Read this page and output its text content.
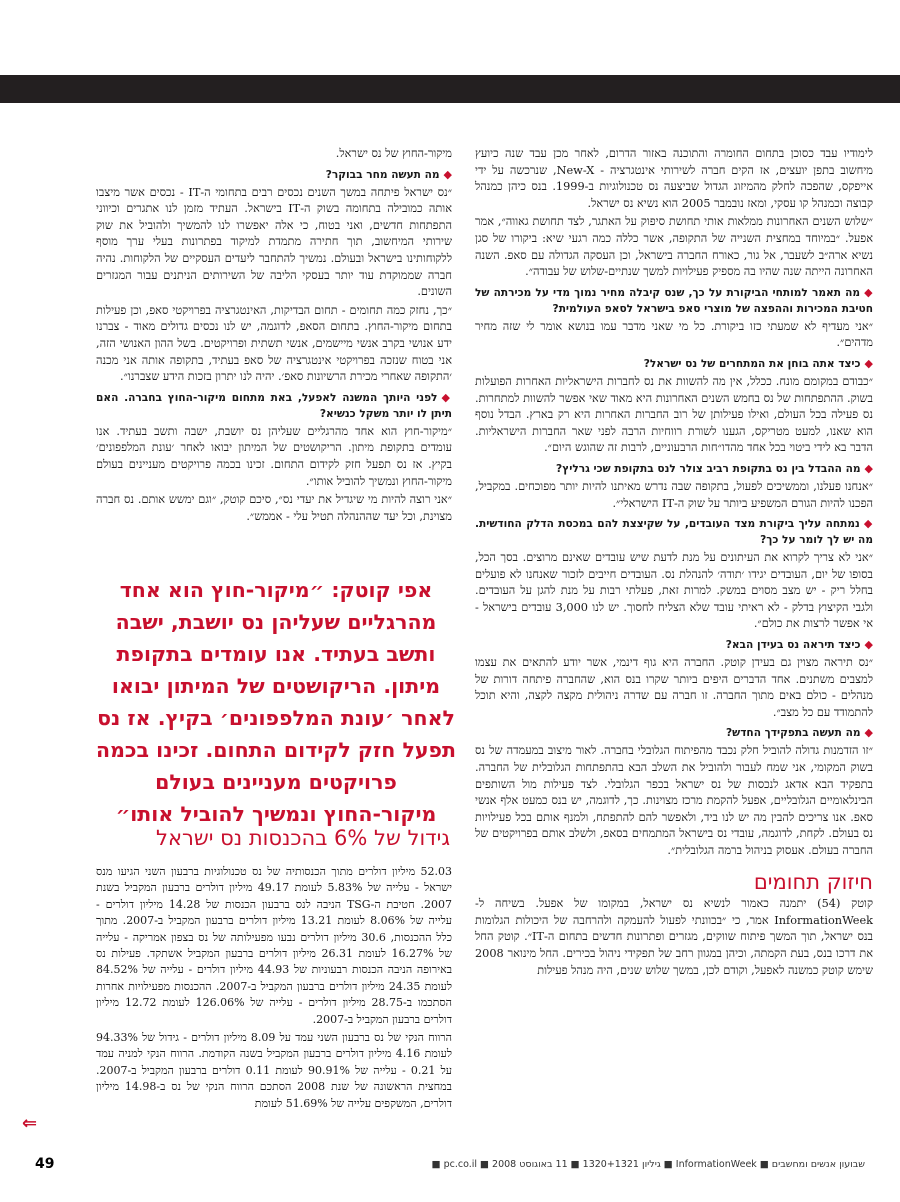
לימודיו עבד כסוכן בתחום החומרה והתוכנה באזור הדרום, לאחר מכן עבד שנה כיועץ מיחשוב בתפן יועצים, אז הקים חברה לשירותי אינטגרציה - New-X, שנרכשה על ידי אייפקס, שהפכה לחלק מהמיזוג הגדול שביצעה נס טכנולוגיות ב-1999. בנס כיהן כמנהל קבוצה וכמנהל קו עסקי, ומאז נובמבר 2005 הוא נשיא נס ישראל.
״שלוש השנים האחרונות ממלאות אותי תחושת סיפוק על האתגר, לצד תחושת גאווה״, אמר אפעל. ״במיוחד במחצית השנייה של התקופה, אשר כללה כמה רגעי שיא: ביקורו של סגן נשיא ארה״ב לשעבר, אל גור, כאורח החברה בישראל, וכן העסקה הגדולה עם סאפ. השנה האחרונה הייתה שנה שהיו בה מספיק פעילויות למשך שנתיים-שלוש של עבודה״.
◆מה תאמר למותחי הביקורת על כך, שנס קיבלה מחיר נמוך מדי על מכירתה של חטיבת המכירות וההפצה של מוצרי סאפ בישראל לסאפ העולמית?
״אני מעדיף לא שמעתי כזו ביקורת. כל מי שאני מדבר עמו בנושא אומר לי שזה מחיר מדהים״.
◆כיצד אתה בוחן את המתחרים של נס ישראל?
״כבודם במקומם מונח. ככלל, אין מה להשוות את נס לחברות הישראליות האחרות הפועלות בשוק. ההתפתחות של נס בחמש השנים האחרונות היא מאוד שאי אפשר להשוות למתחרות. נס פעילה בכל העולם, ואילו פעילותן של רוב החברות האחרות היא רק בארץ. הבדל נוסף הוא שאנו, למעט מטריקס, הגענו לשורת רווחיות הרבה לפני שאר החברות הישראליות. הדבר בא לידי ביטוי בכל אחד מהדו״חות הרבעוניים, לרבות זה שהוגש היום״.
◆מה ההבדל בין נס בתקופת רביב צולר לנס בתקופת שכי גרליץ?
״אנחנו פעלנו, וממשיכים לפעול, בתקופה שבה נדרש מאיתנו להיות יותר מפוכחים. במקביל, הפכנו להיות הגורם המשפיע ביותר על שוק ה-IT הישראלי״.
◆נמתחה עליך ביקורת מצד העובדים, על שקיצצת להם במכסת הדלק החודשית. מה יש לך לומר על כך?
״אני לא צריך לקרוא את העיתונים על מנת לדעת שיש עובדים שאינם מרוצים. בסך הכל, בסופו של יום, העובדים יגידו ׳תודה׳ להנהלת נס. העובדים חייבים לזכור שאנחנו לא פועלים בחלל ריק - יש מצב מסוים במשק. למרות זאת, פעלתי רבות על מנת להגן על העובדים. ולגבי הקיצוץ בדלק - לא ראיתי עובד שלא הצליח לחסוך. יש לנו 3,000 עובדים בישראל - אי אפשר לרצות את כולם״.
◆כיצד תיראה נס בעידן הבא?
״נס תיראה מצוין גם בעידן קוטק. החברה היא גוף דינמי, אשר יודע להתאים את עצמו למצבים משתנים. אחד הדברים היפים ביותר שקרו בנס הוא, שהחברה פיתחה דורות של מנהלים - כולם באים מתוך החברה. זו חברה עם שדרה ניהולית מקצה לקצה, והיא תוכל להתמודד עם כל מצב״.
◆מה תעשה בתפקידך החדש?
״זו הזדמנות גדולה להוביל חלק נכבד מהפיתוח הגלובלי בחברה. לאור מיצוב במעמדה של נס בשוק המקומי, אני שמח לעבור ולהוביל את השלב הבא בהתפתחות הגלובלית של החברה. בתפקיד הבא אדאג לנכסות של נס ישראל בכפר הגלובלי. לצד פעילות מול השותפים הבינלאומיים הגלובליים, אפעל להקמת מרכז מצוינות. כך, לדוגמה, יש בנס כמעט אלף אנשי סאפ. אנו צריכים להבין מה יש לנו ביד, ולאפשר להם להתפתח, ולמנף אותם בכל פעילויות נס בעולם. לקחת, לדוגמה, עובדי נס בישראל המתמחים בסאפ, ולשלב אותם בפרויקטים של החברה בעולם. אעסוק בניהול ברמה הגלובלית״.
חיזוק תחומים
קוטק (54) יתמנה כאמור לנשיא נס ישראל, במקומו של אפעל. בשיחה ל-InformationWeek אמר, כי ״בכוונתי לפעול להעמקה ולהרחבה של היכולות הגלומות בנס ישראל, תוך המשך פיתוח שווקים, מגזרים ופתרונות חדשים בתחום ה-IT״. קוטק החל את דרכו בנס, בעת הקמתה, וכיהן במגוון רחב של תפקידי ניהול בכירים. החל מינואר 2008 שימש קוטק כמשנה לאפעל, וקודם לכן, במשך שלוש שנים, היה מנהל פעילות
מיקור-החוץ של נס ישראל.
◆מה תעשה מחר בבוקר?
״נס ישראל פיתחה במשך השנים נכסים רבים בתחומי ה-IT - נכסים אשר מיצבו אותה כמובילה בתחומה בשוק ה-IT בישראל. העתיד מזמן לנו אתגרים וכיווני התפתחות חדשים, ואני בטוח, כי אלה יאפשרו לנו להמשיך ולהוביל את שוק שירותי המיחשוב, תוך חתירה מתמדת למיקוד בפתרונות בעלי ערך מוסף ללקוחותינו בישראל ובעולם. נמשיך להתחבר ליעדים העסקיים של הלקוחות. נהיה חברה שממוקדת עוד יותר בעסקי הליבה של השירותים הניתנים עבור המגזרים השונים.
״כך, נחזק כמה תחומים - תחום הבדיקות, האינטגרציה בפרויקטי סאפ, וכן פעילות בתחום מיקור-החוץ. בתחום הסאפ, לדוגמה, יש לנו נכסים גדולים מאוד - צברנו ידע אנושי בקרב אנשי מיישמים, אנשי תשתית ופרויקטים. בשל ההון האנושי הזה, אני בטוח שנזכה בפרויקטי אינטגרציה של סאפ בעתיד, בתקופה אותה אני מכנה ׳התקופה שאחרי מכירת הרשיונות סאפ׳. יהיה לנו יתרון בזכות הידע שצברנו״.
◆לפני היותך המשנה לאפעל, באת מתחום מיקור-החוץ בחברה. האם תיתן לו יותר משקל כנשיא?
״מיקור-חוץ הוא אחד מהרגליים שעליהן נס יושבת, ישבה ותשב בעתיד. אנו עומדים בתקופת מיתון. הריקושטים של המיתון יבואו לאחר ׳עונת המלפפונים׳ בקיץ. אז נס תפעל חזק לקידום התחום. זכינו בכמה פרויקטים מעניינים בעולם מיקור-החוץ ונמשיך להוביל אותו״.
״אני רוצה להיות מי שיגדיל את יעדי נס״, סיכם קוטק, ״וגם ימשש אותם. נס חברה מצוינת, וכל יעד שההנהלה תטיל עלי - אממש״.
אפי קוטק: ״מיקור-חוץ הוא אחד מהרגליים שעליהן נס יושבת, ישבה ותשב בעתיד. אנו עומדים בתקופת מיתון. הריקושטים של המיתון יבואו לאחר ׳עונת המלפפונים׳ בקיץ. אז נס תפעל חזק לקידום התחום. זכינו בכמה פרויקטים מעניינים בעולם מיקור-החוץ ונמשיך להוביל אותו״
גידול של 6% בהכנסות נס ישראל
52.03 מיליון דולרים מתוך הכנסותיה של נס טכנולוגיות ברבעון השני הגיעו מנס ישראל - עלייה של 5.83% לעומת 49.17 מיליון דולרים ברבעון המקביל בשנת 2007. חטיבת ה-TSG הניבה לנס ברבעון הכנסות של 14.28 מיליון דולרים - עלייה של 8.06% לעומת 13.21 מיליון דולרים ברבעון המקביל ב-2007. מתוך כלל ההכנסות, 30.6 מיליון דולרים נבעו מפעילותה של נס בצפון אמריקה - עלייה של 16.27% לעומת 26.31 מיליון דולרים ברבעון המקביל אשתקד. פעילות נס באירופה הניבה הכנסות רבעוניות של 44.93 מיליון דולרים - עלייה של 84.52% לעומת 24.35 מיליון דולרים ברבעון המקביל ב-2007. ההכנסות מפעילויות אחרות הסתכמו ב-28.75 מיליון דולרים - עלייה של 126.06% לעומת 12.72 מיליון דולרים ברבעון המקביל ב-2007.
הרווח הנקי של נס ברבעון השני עמד על 8.09 מיליון דולרים - גידול של 94.33% לעומת 4.16 מיליון דולרים ברבעון המקביל בשנה הקודמת. הרווח הנקי למניה עמד על 0.21 - עלייה של 90.91% לעומת 0.11 דולרים ברבעון המקביל ב-2007. במחצית הראשונה של שנת 2008 הסתכם הרווח הנקי של נס ב-14.98 מיליון דולרים, המשקפים עלייה של 51.69% לעומת
⇐
שבועון אנשים ומחשבים ■ InformationWeek ■ גיליון 1320+1321 ■ 11 באוגוסט 2008 ■ pc.co.il ■
49
